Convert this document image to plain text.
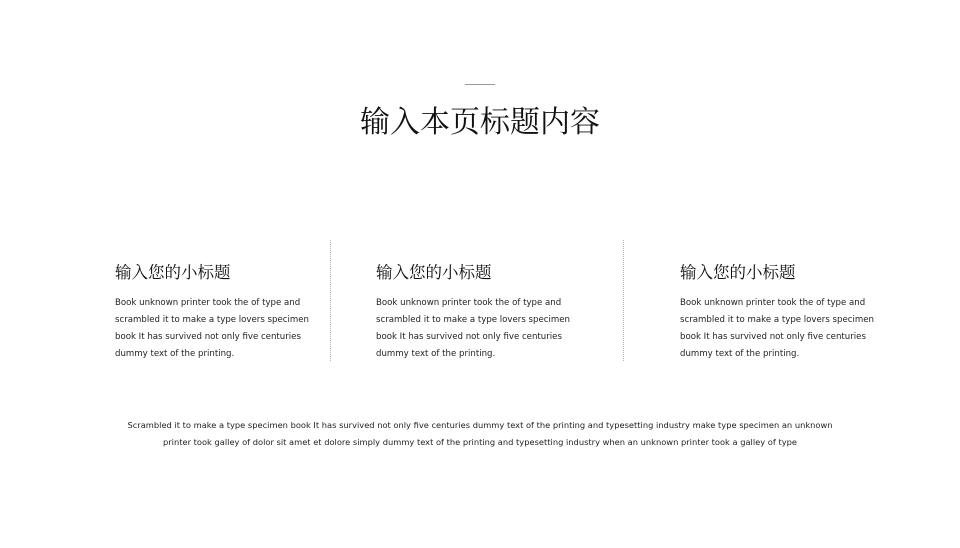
输入本页标题内容
输入您的小标题

Book unknown printer took the of type and scrambled it to make a type lovers specimen book It has survived not only five centuries dummy text of the printing.

输入您的小标题

Book unknown printer took the of type and scrambled it to make a type lovers specimen book It has survived not only five centuries dummy text of the printing.

输入您的小标题

Book unknown printer took the of type and scrambled it to make a type lovers specimen book It has survived not only five centuries dummy text of the printing.

Scrambled it to make a type specimen book It has survived not only five centuries dummy text of the printing and typesetting industry make type specimen an unknown printer took galley of dolor sit amet et dolore simply dummy text of the printing and typesetting industry when an unknown printer took a galley of type
